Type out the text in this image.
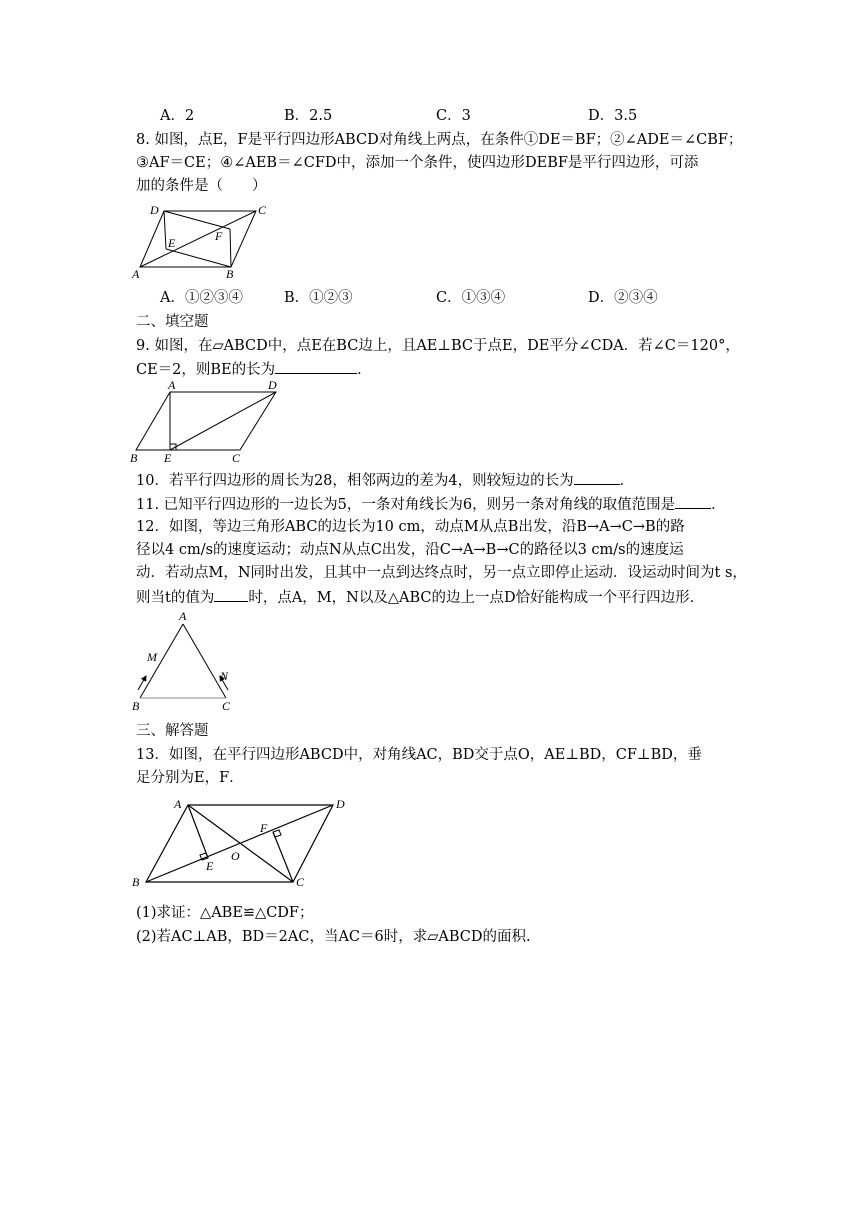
A．2	B．2.5	C．3	D．3.5
8. 如图，点E，F是平行四边形ABCD对角线上两点，在条件①DE＝BF；②∠ADE＝∠CBF；
③AF＝CE；④∠AEB＝∠CFD中，添加一个条件，使四边形DEBF是平行四边形，可添
加的条件是（　　）
D	C
E	F
A	B
A．①②③④	B．①②③	C．①③④	D．②③④
二、填空题
9. 如图，在▱ABCD中，点E在BC边上，且AE⊥BC于点E，DE平分∠CDA．若∠C＝120°，
CE＝2，则BE的长为	．
A	D
B E	C
10．若平行四边形的周长为28，相邻两边的差为4，则较短边的长为	．
11. 已知平行四边形的一边长为5，一条对角线长为6，则另一条对角线的取值范围是 ．
12．如图，等边三角形ABC的边长为10 cm，动点M从点B出发，沿B→A→C→B的路
径以4 cm/s的速度运动；动点N从点C出发，沿C→A→B→C的路径以3 cm/s的速度运
动．若动点M，N同时出发，且其中一点到达终点时，另一点立即停止运动．设运动时间为t s，
则当t的值为 时，点A，M，N以及△ABC的边上一点D恰好能构成一个平行四边形．
A
M
N
B	C
三、解答题
13．如图，在平行四边形ABCD中，对角线AC，BD交于点O，AE⊥BD，CF⊥BD，垂
足分别为E，F．
A	D
F
O
E
B	C
(1)求证：△ABE≌△CDF；
(2)若AC⊥AB，BD＝2AC，当AC＝6时，求▱ABCD的面积.
